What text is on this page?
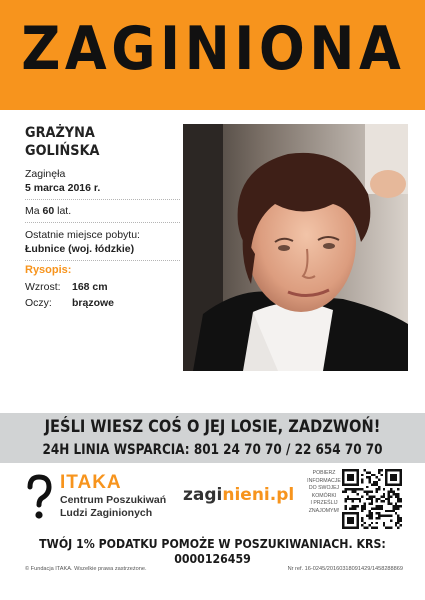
ZAGINIONA
GRAŻYNA
GOLIŃSKA
Zaginęła
5 marca 2016 r.
Ma 60 lat.
Ostatnie miejsce pobytu:
Łubnice (woj. łódzkie)
Rysopis:
Wzrost: 168 cm
Oczy: brązowe
JEŚLI WIESZ COŚ O JEJ LOSIE, ZADZWOŃ!
24H LINIA WSPARCIA: 801 24 70 70 / 22 654 70 70
ITAKA
Centrum Poszukiwań
Ludzi Zaginionych
zaginieni.pl
POBIERZ
INFORMACJE
DO SWOJEJ
KOMÓRKI
I PRZEŚLIJ
ZNAJOMYM!
TWÓJ 1% PODATKU POMOŻE W POSZUKIWANIACH. KRS: 0000126459
© Fundacja ITAKA. Wszelkie prawa zastrzeżone.	Nr ref. 16-0245/20160318091429/1458288869
